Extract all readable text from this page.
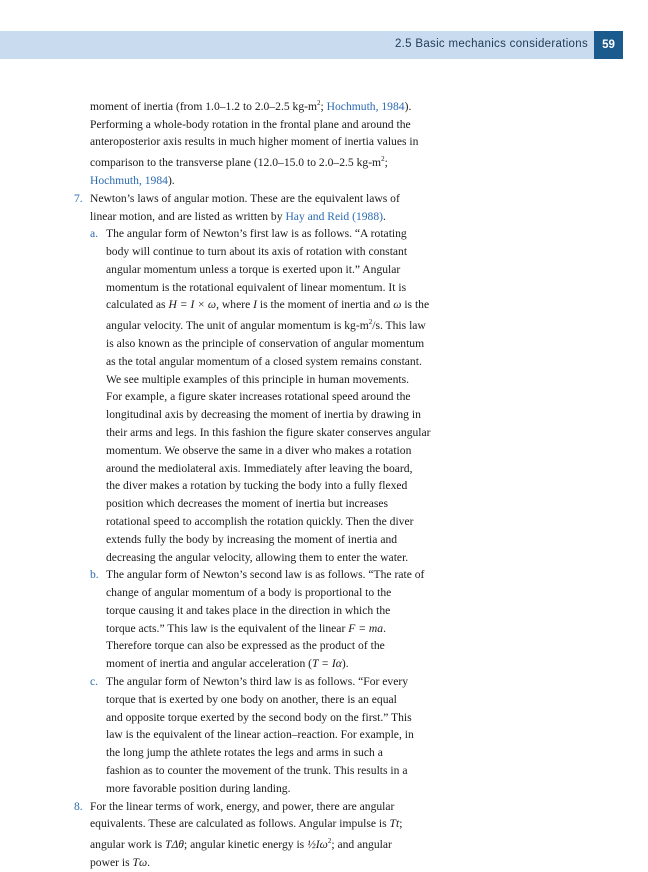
2.5 Basic mechanics considerations	59
moment of inertia (from 1.0–1.2 to 2.0–2.5 $kg-m^2$; Hochmuth, 1984).
Performing a whole-body rotation in the frontal plane and around the
anteroposterior axis results in much higher moment of inertia values in
comparison to the transverse plane (12.0–15.0 to 2.0–2.5 $kg-m^2$;
Hochmuth, 1984).
7. Newton’s laws of angular motion. These are the equivalent laws of
linear motion, and are listed as written by Hay and Reid (1988).
a. The angular form of Newton’s first law is as follows. “A rotating
body will continue to turn about its axis of rotation with constant
angular momentum unless a torque is exerted upon it.” Angular
momentum is the rotational equivalent of linear momentum. It is
calculated as H = I × ω, where I is the moment of inertia and ω is the
angular velocity. The unit of angular momentum is $kg-m^2/s$. This law
is also known as the principle of conservation of angular momentum
as the total angular momentum of a closed system remains constant.
We see multiple examples of this principle in human movements.
For example, a figure skater increases rotational speed around the
longitudinal axis by decreasing the moment of inertia by drawing in
their arms and legs. In this fashion the figure skater conserves angular
momentum. We observe the same in a diver who makes a rotation
around the mediolateral axis. Immediately after leaving the board,
the diver makes a rotation by tucking the body into a fully flexed
position which decreases the moment of inertia but increases
rotational speed to accomplish the rotation quickly. Then the diver
extends fully the body by increasing the moment of inertia and
decreasing the angular velocity, allowing them to enter the water.
b. The angular form of Newton’s second law is as follows. “The rate of
change of angular momentum of a body is proportional to the
torque causing it and takes place in the direction in which the
torque acts.” This law is the equivalent of the linear F = ma.
Therefore torque can also be expressed as the product of the
moment of inertia and angular acceleration (T = Iα).
c. The angular form of Newton’s third law is as follows. “For every
torque that is exerted by one body on another, there is an equal
and opposite torque exerted by the second body on the first.” This
law is the equivalent of the linear action–reaction. For example, in
the long jump the athlete rotates the legs and arms in such a
fashion as to counter the movement of the trunk. This results in a
more favorable position during landing.
8. For the linear terms of work, energy, and power, there are angular
equivalents. These are calculated as follows. Angular impulse is Tt;
angular work is TΔθ; angular kinetic energy is $\frac{1}{2}I\omega^2$; and angular
power is Tω.
